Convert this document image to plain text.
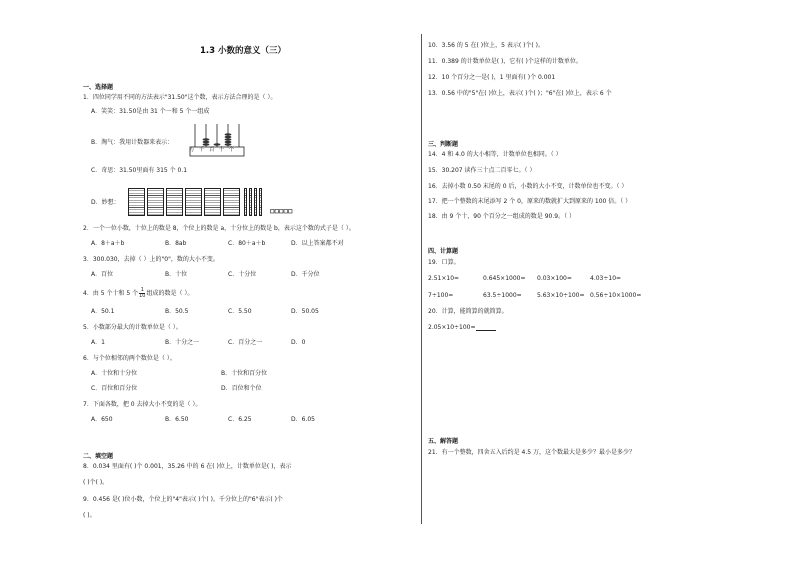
1.3 小数的意义（三）
一、选择题
1．四位同学用不同的方法表示"31.50"这个数，表示方法合理的是（ ）。
A．笑笑：31.50是由 31 个一和 5 个一组成
B．淘气：我用计数器来表示：
万千百十个
C．奇思：31.50里面有 315 个 0.1
D．妙想：
2．一个一位小数，十位上的数是 8，个位上的数是 a，十分位上的数是 b，表示这个数的式子是（ ）。
A．8＋a＋b	B．8ab	C．80＋a＋b	D．以上答案都不对
3．300.030，去掉（ ）上的"0"，数的大小不变。
A．百位	B．十位	C．十分位	D．千分位
4．由 5 个十和 5 个 $\frac{1}{10}$ 组成的数是（ ）。
A．50.1	B．50.5	C．5.50	D．50.05
5．小数部分最大的计数单位是（ ）。
A．1	B．十分之一	C．百分之一	D．0
6．与个位相邻的两个数位是（ ）。
A．十位和十分位	B．十位和百分位
C．百位和百分位	D．百位和个位
7．下面各数，把 0 去掉大小不变的是（ ）。
A．650	B．6.50	C．6.25	D．6.05
二、填空题
8．0.034 里面有( )个 0.001，35.26 中的 6 在( )位上，计数单位是( )，表示
( )个( )。
9．0.456 是( )位小数，个位上的"4"表示( )个( )，千分位上的"6"表示( )个
( )。
10．3.56 的 5 在( )位上，5 表示( )个( )。
11．0.389 的计数单位是( )，它有( )个这样的计数单位。
12．10 个百分之一是( )，1 里面有( )个 0.001
13．0.56 中的"5"在( )位上，表示( )个( )；"6"在( )位上，表示 6 个
三、判断题
14．4 和 4.0 的大小相等，计数单位也相同。（ ）
15．30.207 读作三十点二百零七。（ ）
16．去掉小数 0.50 末尾的 0 后，小数的大小不变，计数单位也不变。（ ）
17．把一个整数的末尾添写 2 个 0，原来的数就扩大到原来的 100 倍。（ ）
18．由 9 个十，90 个百分之一组成的数是 90.9。（ ）
四、计算题
19．口算。
2.51×10=	0.645×1000= 0.03×100=	4.03÷10=
7÷100=	63.5÷1000=	5.63×10÷100= 0.56÷10×1000=
20．计算，能简算的就简算。
2.05×10÷100=
五、解答题
21．有一个整数，四舍五入后约是 4.5 万，这个数最大是多少？最小是多少？
